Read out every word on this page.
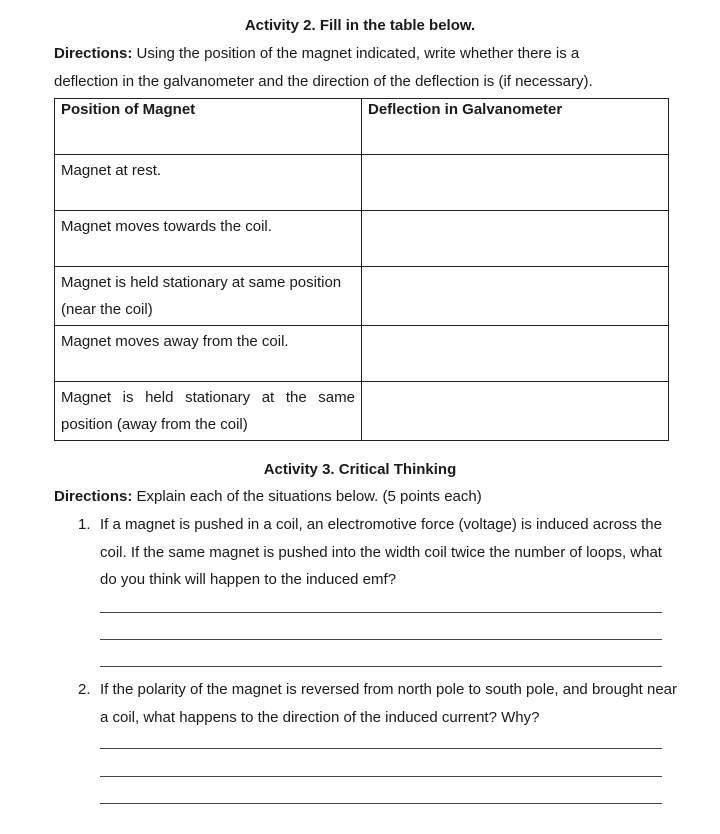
Activity 2. Fill in the table below.
Directions: Using the position of the magnet indicated, write whether there is a
deflection in the galvanometer and the direction of the deflection is (if necessary).
Position of Magnet	Deflection in Galvanometer
Magnet at rest.	
Magnet moves towards the coil.	
Magnet is held stationary at same position (near the coil)	
Magnet moves away from the coil.	
Magnet is held stationary at the same position (away from the coil)	
Activity 3. Critical Thinking
Directions: Explain each of the situations below. (5 points each)
1. If a magnet is pushed in a coil, an electromotive force (voltage) is induced across the coil. If the same magnet is pushed into the width coil twice the number of loops, what do you think will happen to the induced emf?
2. If the polarity of the magnet is reversed from north pole to south pole, and brought near a coil, what happens to the direction of the induced current? Why?
